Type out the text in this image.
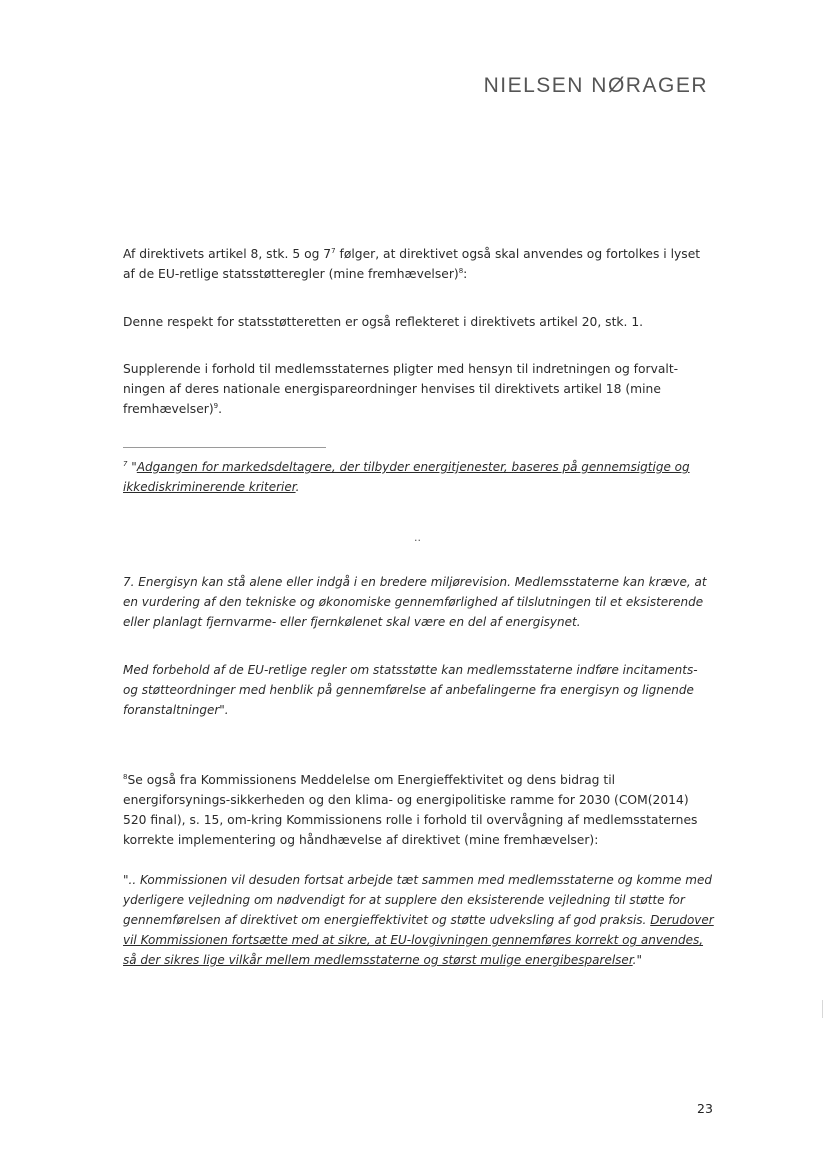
NIELSEN NØRAGER
Af direktivets artikel 8, stk. 5 og $7^7$ følger, at direktivet også skal anvendes og fortolkes i lyset af de EU-retlige statsstøtteregler (mine fremhævelser)$^8$:
Denne respekt for statsstøtteretten er også reflekteret i direktivets artikel 20, stk. 1.
Supplerende i forhold til medlemsstaternes pligter med hensyn til indretningen og forvalt-ningen af deres nationale energispareordninger henvises til direktivets artikel 18 (mine fremhævelser)$^9$.
$^7$ "Adgangen for markedsdeltagere, der tilbyder energitjenester, baseres på gennemsigtige og ikkediskriminerende kriterier.
..
7. Energisyn kan stå alene eller indgå i en bredere miljørevision. Medlemsstaterne kan kræve, at en vurdering af den tekniske og økonomiske gennemførlighed af tilslutningen til et eksisterende eller planlagt fjernvarme- eller fjernkølenet skal være en del af energisynet.
Med forbehold af de EU-retlige regler om statsstøtte kan medlemsstaterne indføre incitaments- og støtteordninger med henblik på gennemførelse af anbefalingerne fra energisyn og lignende foranstaltninger".
$^8$Se også fra Kommissionens Meddelelse om Energieffektivitet og dens bidrag til energiforsynings-sikkerheden og den klima- og energipolitiske ramme for 2030 (COM(2014) 520 final), s. 15, om-kring Kommissionens rolle i forhold til overvågning af medlemsstaternes korrekte implementering og håndhævelse af direktivet (mine fremhævelser):
".. Kommissionen vil desuden fortsat arbejde tæt sammen med medlemsstaterne og komme med yderligere vejledning om nødvendigt for at supplere den eksisterende vejledning til støtte for gennemførelsen af direktivet om energieffektivitet og støtte udveksling af god praksis. Derudover vil Kommissionen fortsætte med at sikre, at EU-lovgivningen gennemføres korrekt og anvendes, så der sikres lige vilkår mellem medlemsstaterne og størst mulige energibesparelser."
23
